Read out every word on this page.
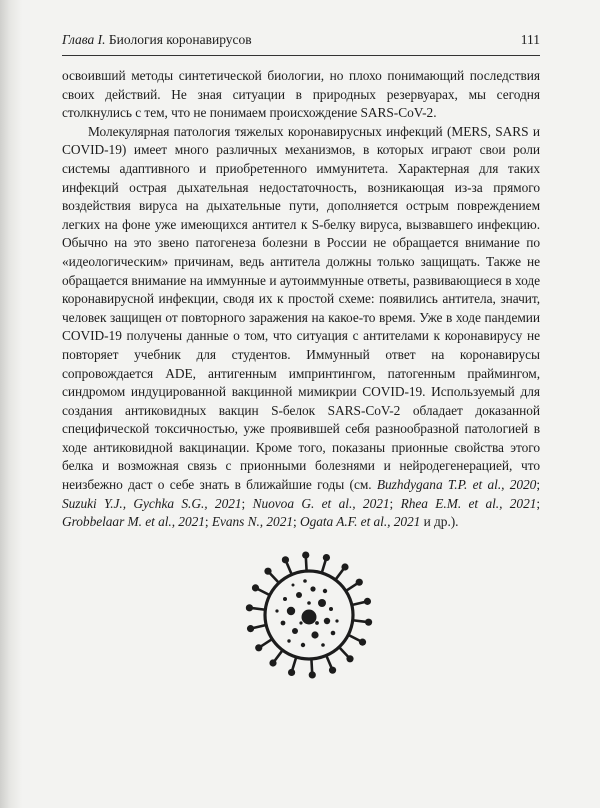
Глава I. Биология коронавирусов	111

освоивший методы синтетической биологии, но плохо понимающий последствия своих действий. Не зная ситуации в природных резервуарах, мы сегодня столкнулись с тем, что не понимаем происхождение SARS-CoV-2.

Молекулярная патология тяжелых коронавирусных инфекций (MERS, SARS и COVID-19) имеет много различных механизмов, в которых играют свои роли системы адаптивного и приобретенного иммунитета. Характерная для таких инфекций острая дыхательная недостаточность, возникающая из-за прямого воздействия вируса на дыхательные пути, дополняется острым повреждением легких на фоне уже имеющихся антител к S-белку вируса, вызвавшего инфекцию. Обычно на это звено патогенеза болезни в России не обращается внимание по «идеологическим» причинам, ведь антитела должны только защищать. Также не обращается внимание на иммунные и аутоиммунные ответы, развивающиеся в ходе коронавирусной инфекции, сводя их к простой схеме: появились антитела, значит, человек защищен от повторного заражения на какое-то время. Уже в ходе пандемии COVID-19 получены данные о том, что ситуация с антителами к коронавирусу не повторяет учебник для студентов. Иммунный ответ на коронавирусы сопровождается ADE, антигенным импринтингом, патогенным праймингом, синдромом индуцированной вакцинной мимикрии COVID-19. Используемый для создания антиковидных вакцин S-белок SARS-CoV-2 обладает доказанной специфической токсичностью, уже проявившей себя разнообразной патологией в ходе антиковидной вакцинации. Кроме того, показаны прионные свойства этого белка и возможная связь с прионными болезнями и нейродегенерацией, что неизбежно даст о себе знать в ближайшие годы (см. Buzhdygana T.P. et al., 2020; Suzuki Y.J., Gychka S.G., 2021; Nuovoa G. et al., 2021; Rhea E.M. et al., 2021; Grobbelaar M. et al., 2021; Evans N., 2021; Ogata A.F. et al., 2021 и др.).
